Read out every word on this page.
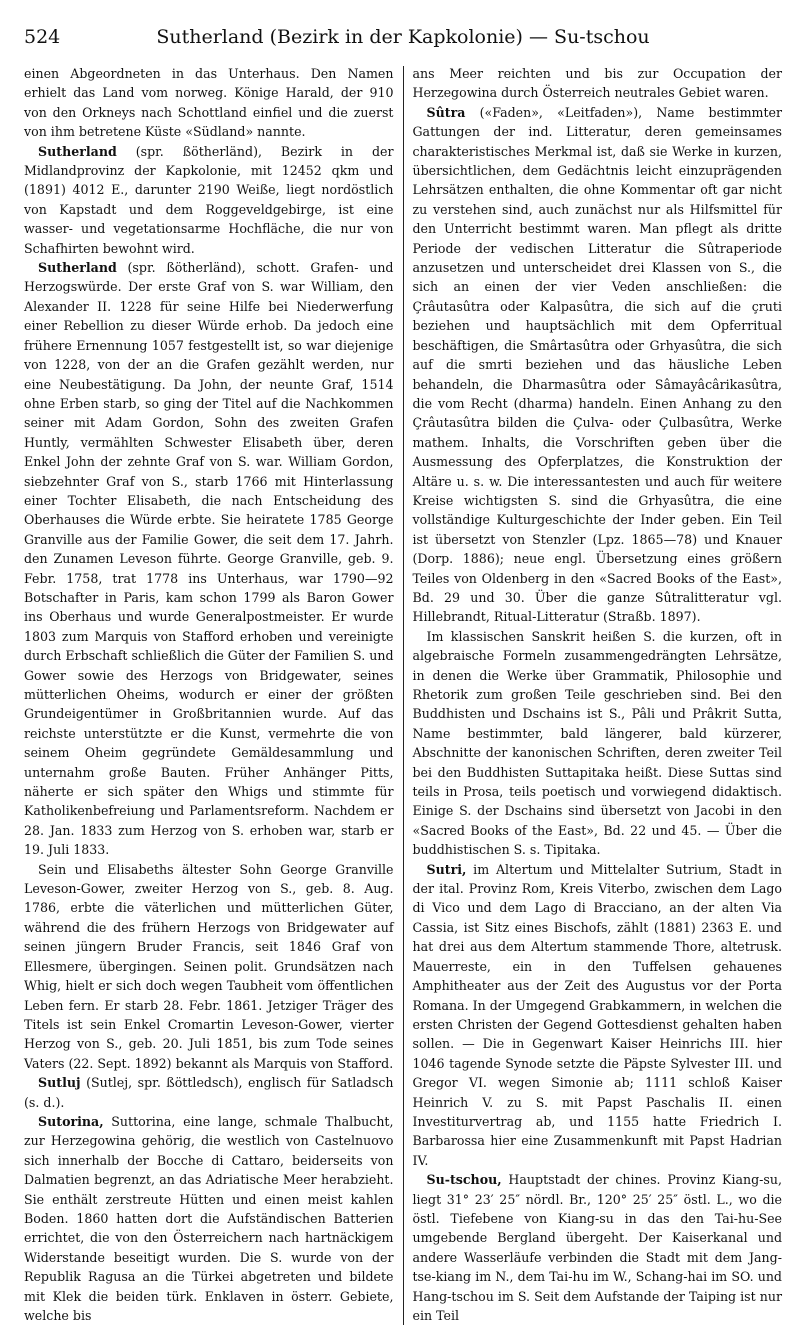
524	Sutherland (Bezirk in der Kapkolonie) — Su-tschou

einen Abgeordneten in das Unterhaus. Den Namen erhielt das Land vom norweg. Könige Harald, der 910 von den Orkneys nach Schottland einfiel und die zuerst von ihm betretene Küste «Südland» nannte.

Sutherland (spr. ßötherländ), Bezirk in der Midlandprovinz der Kapkolonie, mit 12452 qkm und (1891) 4012 E., darunter 2190 Weiße, liegt nordöstlich von Kapstadt und dem Roggeveldgebirge, ist eine wasser- und vegetationsarme Hochfläche, die nur von Schafhirten bewohnt wird.

Sutherland (spr. ßötherländ), schott. Grafen- und Herzogswürde. Der erste Graf von S. war William, den Alexander II. 1228 für seine Hilfe bei Niederwerfung einer Rebellion zu dieser Würde erhob. Da jedoch eine frühere Ernennung 1057 festgestellt ist, so war diejenige von 1228, von der an die Grafen gezählt werden, nur eine Neubestätigung. Da John, der neunte Graf, 1514 ohne Erben starb, so ging der Titel auf die Nachkommen seiner mit Adam Gordon, Sohn des zweiten Grafen Huntly, vermählten Schwester Elisabeth über, deren Enkel John der zehnte Graf von S. war. William Gordon, siebzehnter Graf von S., starb 1766 mit Hinterlassung einer Tochter Elisabeth, die nach Entscheidung des Oberhauses die Würde erbte. Sie heiratete 1785 George Granville aus der Familie Gower, die seit dem 17. Jahrh. den Zunamen Leveson führte. George Granville, geb. 9. Febr. 1758, trat 1778 ins Unterhaus, war 1790—92 Botschafter in Paris, kam schon 1799 als Baron Gower ins Oberhaus und wurde Generalpostmeister. Er wurde 1803 zum Marquis von Stafford erhoben und vereinigte durch Erbschaft schließlich die Güter der Familien S. und Gower sowie des Herzogs von Bridgewater, seines mütterlichen Oheims, wodurch er einer der größten Grundeigentümer in Großbritannien wurde. Auf das reichste unterstützte er die Kunst, vermehrte die von seinem Oheim gegründete Gemäldesammlung und unternahm große Bauten. Früher Anhänger Pitts, näherte er sich später den Whigs und stimmte für Katholikenbefreiung und Parlamentsreform. Nachdem er 28. Jan. 1833 zum Herzog von S. erhoben war, starb er 19. Juli 1833.

Sein und Elisabeths ältester Sohn George Granville Leveson-Gower, zweiter Herzog von S., geb. 8. Aug. 1786, erbte die väterlichen und mütterlichen Güter, während die des frühern Herzogs von Bridgewater auf seinen jüngern Bruder Francis, seit 1846 Graf von Ellesmere, übergingen. Seinen polit. Grundsätzen nach Whig, hielt er sich doch wegen Taubheit vom öffentlichen Leben fern. Er starb 28. Febr. 1861. Jetziger Träger des Titels ist sein Enkel Cromartin Leveson-Gower, vierter Herzog von S., geb. 20. Juli 1851, bis zum Tode seines Vaters (22. Sept. 1892) bekannt als Marquis von Stafford.

Sutluj (Sutlej, spr. ßöttledsch), englisch für Satladsch (s. d.).

Sutorina, Suttorina, eine lange, schmale Thalbucht, zur Herzegowina gehörig, die westlich von Castelnuovo sich innerhalb der Bocche di Cattaro, beiderseits von Dalmatien begrenzt, an das Adriatische Meer herabzieht. Sie enthält zerstreute Hütten und einen meist kahlen Boden. 1860 hatten dort die Aufständischen Batterien errichtet, die von den Österreichern nach hartnäckigem Widerstande beseitigt wurden. Die S. wurde von der Republik Ragusa an die Türkei abgetreten und bildete mit Klek die beiden türk. Enklaven in österr. Gebiete, welche bis

ans Meer reichten und bis zur Occupation der Herzegowina durch Österreich neutrales Gebiet waren.

Sûtra («Faden», «Leitfaden»), Name bestimmter Gattungen der ind. Litteratur, deren gemeinsames charakteristisches Merkmal ist, daß sie Werke in kurzen, übersichtlichen, dem Gedächtnis leicht einzuprägenden Lehrsätzen enthalten, die ohne Kommentar oft gar nicht zu verstehen sind, auch zunächst nur als Hilfsmittel für den Unterricht bestimmt waren. Man pflegt als dritte Periode der vedischen Litteratur die Sûtraperiode anzusetzen und unterscheidet drei Klassen von S., die sich an einen der vier Veden anschließen: die Çrâutasûtra oder Kalpasûtra, die sich auf die çruti beziehen und hauptsächlich mit dem Opferritual beschäftigen, die Smârtasûtra oder Grhyasûtra, die sich auf die smrti beziehen und das häusliche Leben behandeln, die Dharmasûtra oder Sâmayâcârikasûtra, die vom Recht (dharma) handeln. Einen Anhang zu den Çrâutasûtra bilden die Çulva- oder Çulbasûtra, Werke mathem. Inhalts, die Vorschriften geben über die Ausmessung des Opferplatzes, die Konstruktion der Altäre u. s. w. Die interessantesten und auch für weitere Kreise wichtigsten S. sind die Grhyasûtra, die eine vollständige Kulturgeschichte der Inder geben. Ein Teil ist übersetzt von Stenzler (Lpz. 1865—78) und Knauer (Dorp. 1886); neue engl. Übersetzung eines größern Teiles von Oldenberg in den «Sacred Books of the East», Bd. 29 und 30. Über die ganze Sûtralitteratur vgl. Hillebrandt, Ritual-Litteratur (Straßb. 1897).

Im klassischen Sanskrit heißen S. die kurzen, oft in algebraische Formeln zusammengedrängten Lehrsätze, in denen die Werke über Grammatik, Philosophie und Rhetorik zum großen Teile geschrieben sind. Bei den Buddhisten und Dschains ist S., Pâli und Prâkrit Sutta, Name bestimmter, bald längerer, bald kürzerer, Abschnitte der kanonischen Schriften, deren zweiter Teil bei den Buddhisten Suttapitaka heißt. Diese Suttas sind teils in Prosa, teils poetisch und vorwiegend didaktisch. Einige S. der Dschains sind übersetzt von Jacobi in den «Sacred Books of the East», Bd. 22 und 45. — Über die buddhistischen S. s. Tipitaka.

Sutri, im Altertum und Mittelalter Sutrium, Stadt in der ital. Provinz Rom, Kreis Viterbo, zwischen dem Lago di Vico und dem Lago di Bracciano, an der alten Via Cassia, ist Sitz eines Bischofs, zählt (1881) 2363 E. und hat drei aus dem Altertum stammende Thore, altetrusk. Mauerreste, ein in den Tuffelsen gehauenes Amphitheater aus der Zeit des Augustus vor der Porta Romana. In der Umgegend Grabkammern, in welchen die ersten Christen der Gegend Gottesdienst gehalten haben sollen. — Die in Gegenwart Kaiser Heinrichs III. hier 1046 tagende Synode setzte die Päpste Sylvester III. und Gregor VI. wegen Simonie ab; 1111 schloß Kaiser Heinrich V. zu S. mit Papst Paschalis II. einen Investiturvertrag ab, und 1155 hatte Friedrich I. Barbarossa hier eine Zusammenkunft mit Papst Hadrian IV.

Su-tschou, Hauptstadt der chines. Provinz Kiang-su, liegt 31° 23′ 25″ nördl. Br., 120° 25′ 25″ östl. L., wo die östl. Tiefebene von Kiang-su in das den Tai-hu-See umgebende Bergland übergeht. Der Kaiserkanal und andere Wasserläufe verbinden die Stadt mit dem Jang-tse-kiang im N., dem Tai-hu im W., Schang-hai im SO. und Hang-tschou im S. Seit dem Aufstande der Taiping ist nur ein Teil
